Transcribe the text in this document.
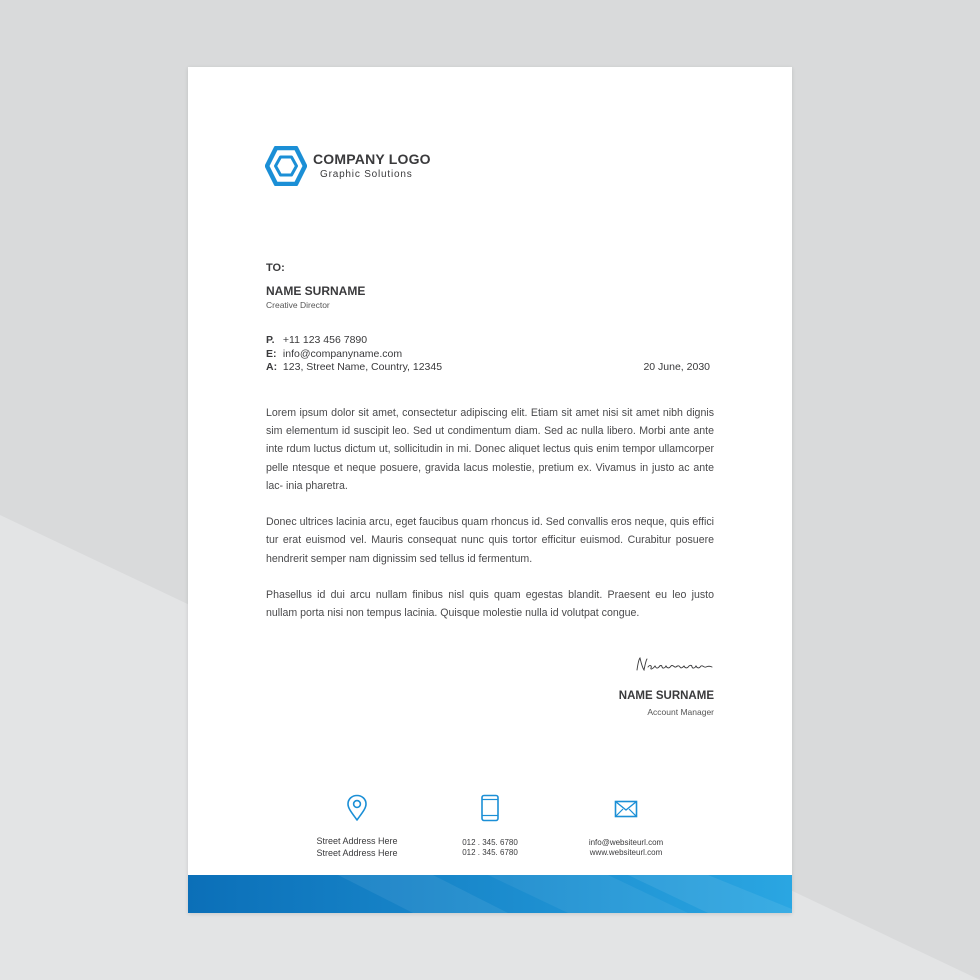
COMPANY LOGO
Graphic Solutions
TO:
NAME SURNAME
Creative Director
P. +11 123 456 7890
E: info@companyname.com
A: 123, Street Name, Country, 12345	20 June, 2030

Lorem ipsum dolor sit amet, consectetur adipiscing elit. Etiam sit amet nisi sit amet nibh dignis sim elementum id suscipit leo. Sed ut condimentum diam. Sed ac nulla libero. Morbi ante ante inte rdum luctus dictum ut, sollicitudin in mi. Donec aliquet lectus quis enim tempor ullamcorper pelle ntesque et neque posuere, gravida lacus molestie, pretium ex. Vivamus in justo ac ante lac- inia pharetra.

Donec ultrices lacinia arcu, eget faucibus quam rhoncus id. Sed convallis eros neque, quis effici tur erat euismod vel. Mauris consequat nunc quis tortor efficitur euismod. Curabitur posuere hendrerit semper nam dignissim sed tellus id fermentum.

Phasellus id dui arcu nullam finibus nisl quis quam egestas blandit. Praesent eu leo justo nullam porta nisi non tempus lacinia. Quisque molestie nulla id volutpat congue.

NAME SURNAME
Account Manager
Street Address Here
Street Address Here
012 . 345. 6780
012 . 345. 6780
info@websiteurl.com
www.websiteurl.com
